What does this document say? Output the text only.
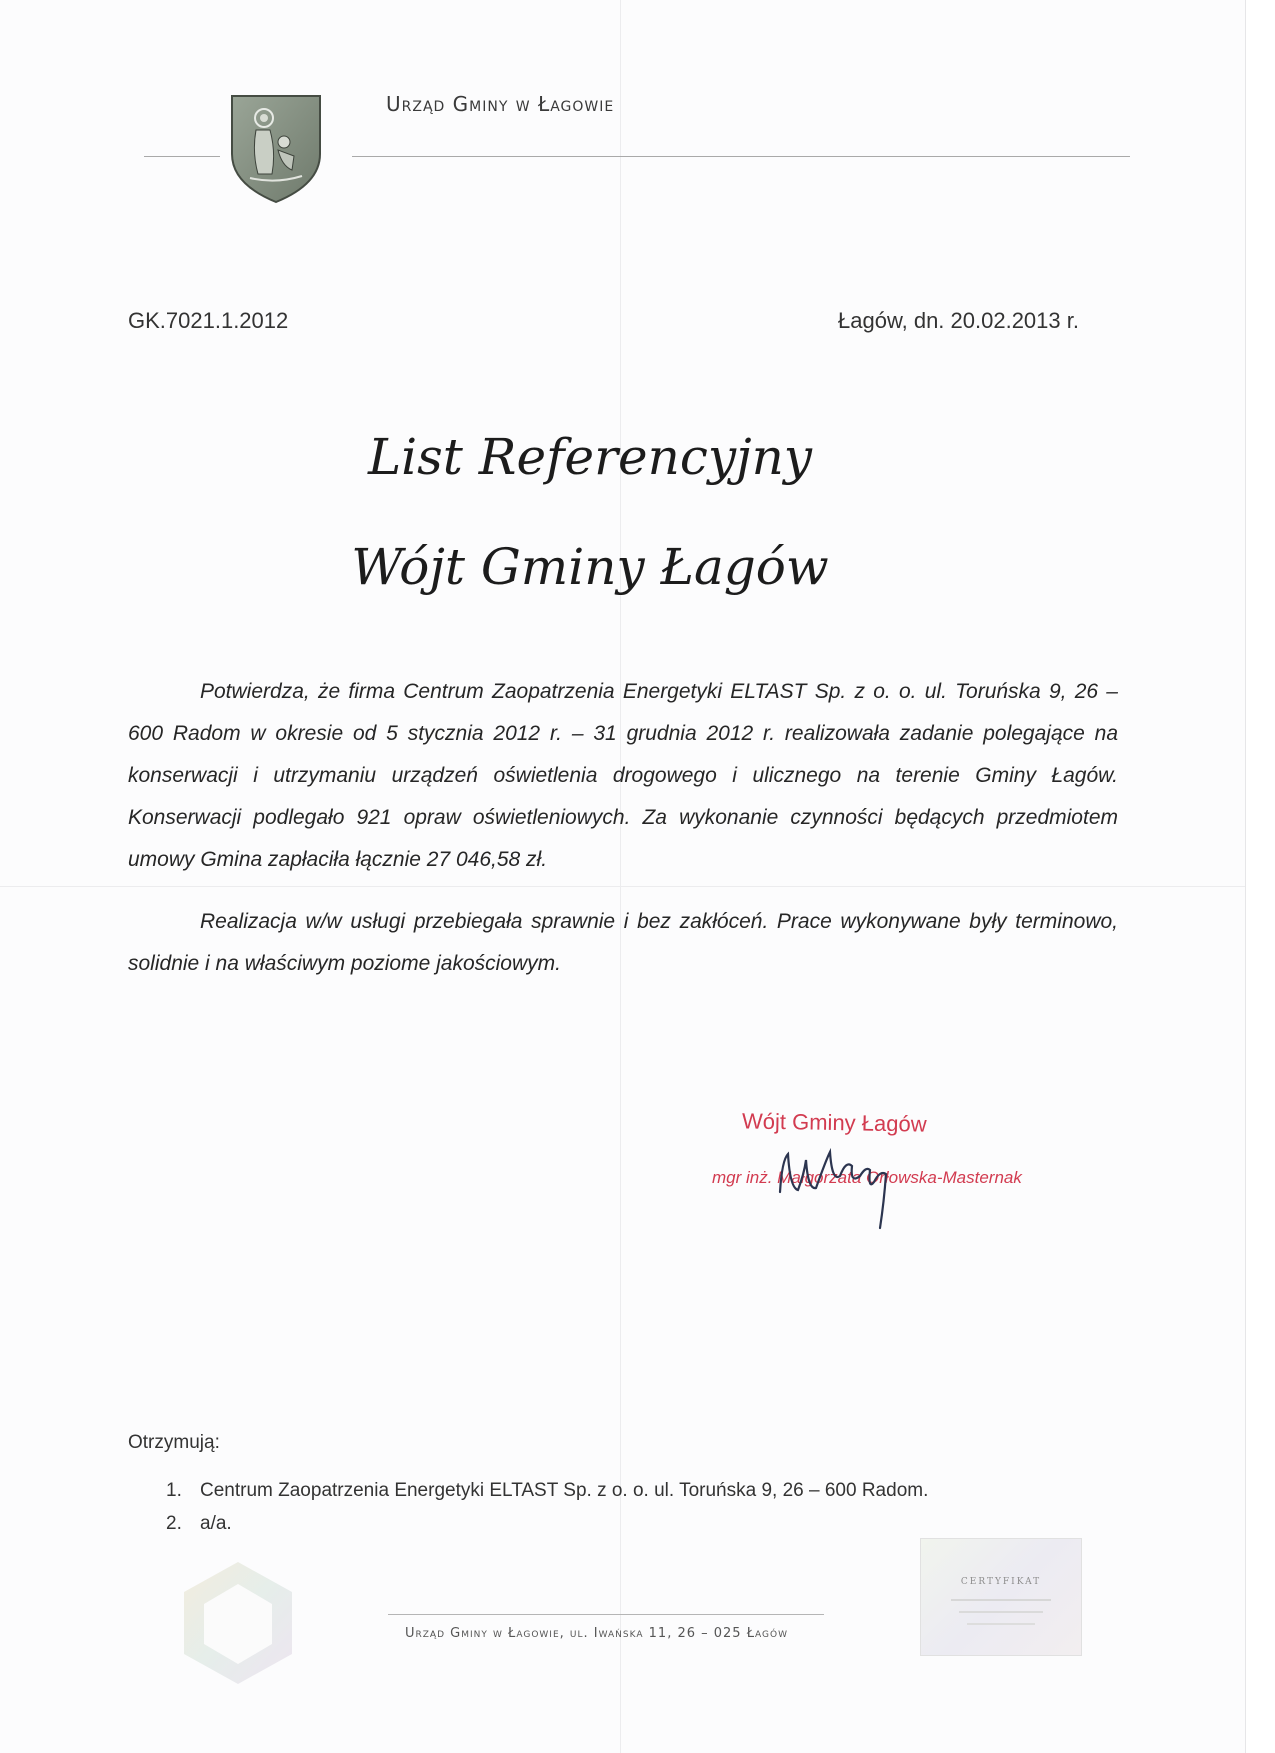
Urząd Gminy w Łagowie
GK.7021.1.2012	Łagów, dn. 20.02.2013 r.
List Referencyjny
Wójt Gminy Łagów

Potwierdza, że firma Centrum Zaopatrzenia Energetyki ELTAST Sp. z o. o. ul. Toruńska 9, 26 – 600 Radom w okresie od 5 stycznia 2012 r. – 31 grudnia 2012 r. realizowała zadanie polegające na konserwacji i utrzymaniu urządzeń oświetlenia drogowego i ulicznego na terenie Gminy Łagów. Konserwacji podlegało 921 opraw oświetleniowych. Za wykonanie czynności będących przedmiotem umowy Gmina zapłaciła łącznie 27 046,58 zł.

Realizacja w/w usługi przebiegała sprawnie i bez zakłóceń. Prace wykonywane były terminowo, solidnie i na właściwym poziome jakościowym.

Wójt Gminy Łagów
mgr inż. Małgorzata Orłowska-Masternak
Otrzymują:
1. Centrum Zaopatrzenia Energetyki ELTAST Sp. z o. o. ul. Toruńska 9, 26 – 600 Radom.
2. a/a.
CERTYFIKAT
Urząd Gminy w Łagowie, ul. Iwańska 11, 26 – 025 Łagów
